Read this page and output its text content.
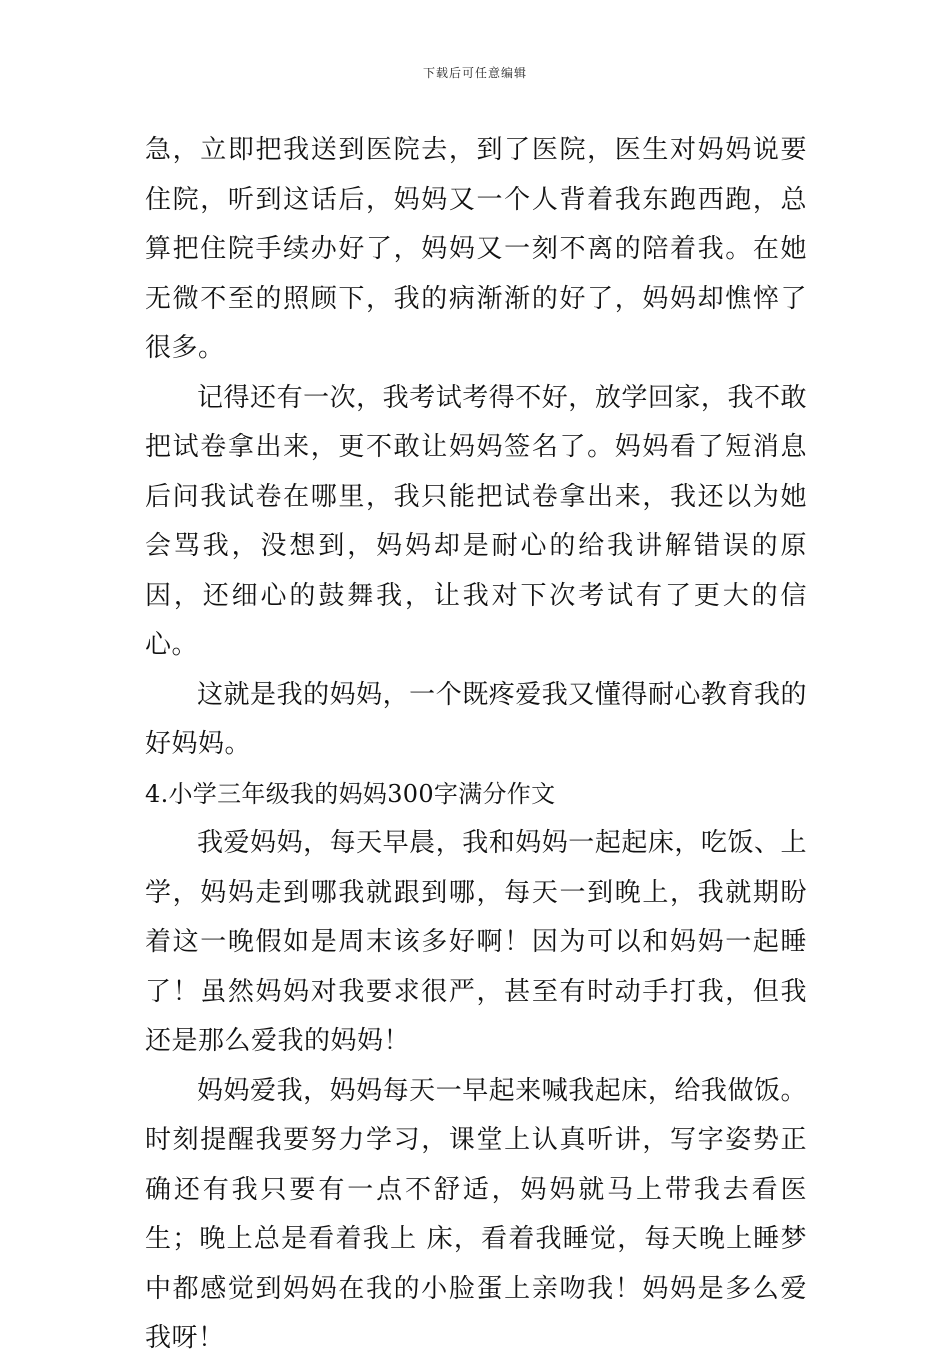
下载后可任意编辑

急，立即把我送到医院去，到了医院，医生对妈妈说要住院，听到这话后，妈妈又一个人背着我东跑西跑，总算把住院手续办好了，妈妈又一刻不离的陪着我。在她无微不至的照顾下，我的病渐渐的好了，妈妈却憔悴了很多。

记得还有一次，我考试考得不好，放学回家，我不敢把试卷拿出来，更不敢让妈妈签名了。妈妈看了短消息后问我试卷在哪里，我只能把试卷拿出来，我还以为她会骂我，没想到，妈妈却是耐心的给我讲解错误的原因，还细心的鼓舞我，让我对下次考试有了更大的信心。

这就是我的妈妈，一个既疼爱我又懂得耐心教育我的好妈妈。

4.小学三年级我的妈妈300字满分作文

我爱妈妈，每天早晨，我和妈妈一起起床，吃饭、上学，妈妈走到哪我就跟到哪，每天一到晚上，我就期盼着这一晚假如是周末该多好啊！因为可以和妈妈一起睡了！虽然妈妈对我要求很严，甚至有时动手打我，但我还是那么爱我的妈妈！

妈妈爱我，妈妈每天一早起来喊我起床，给我做饭。时刻提醒我要努力学习，课堂上认真听讲，写字姿势正确还有我只要有一点不舒适，妈妈就马上带我去看医生；晚上总是看着我上 床，看着我睡觉，每天晚上睡梦中都感觉到妈妈在我的小脸蛋上亲吻我！妈妈是多么爱我呀！
